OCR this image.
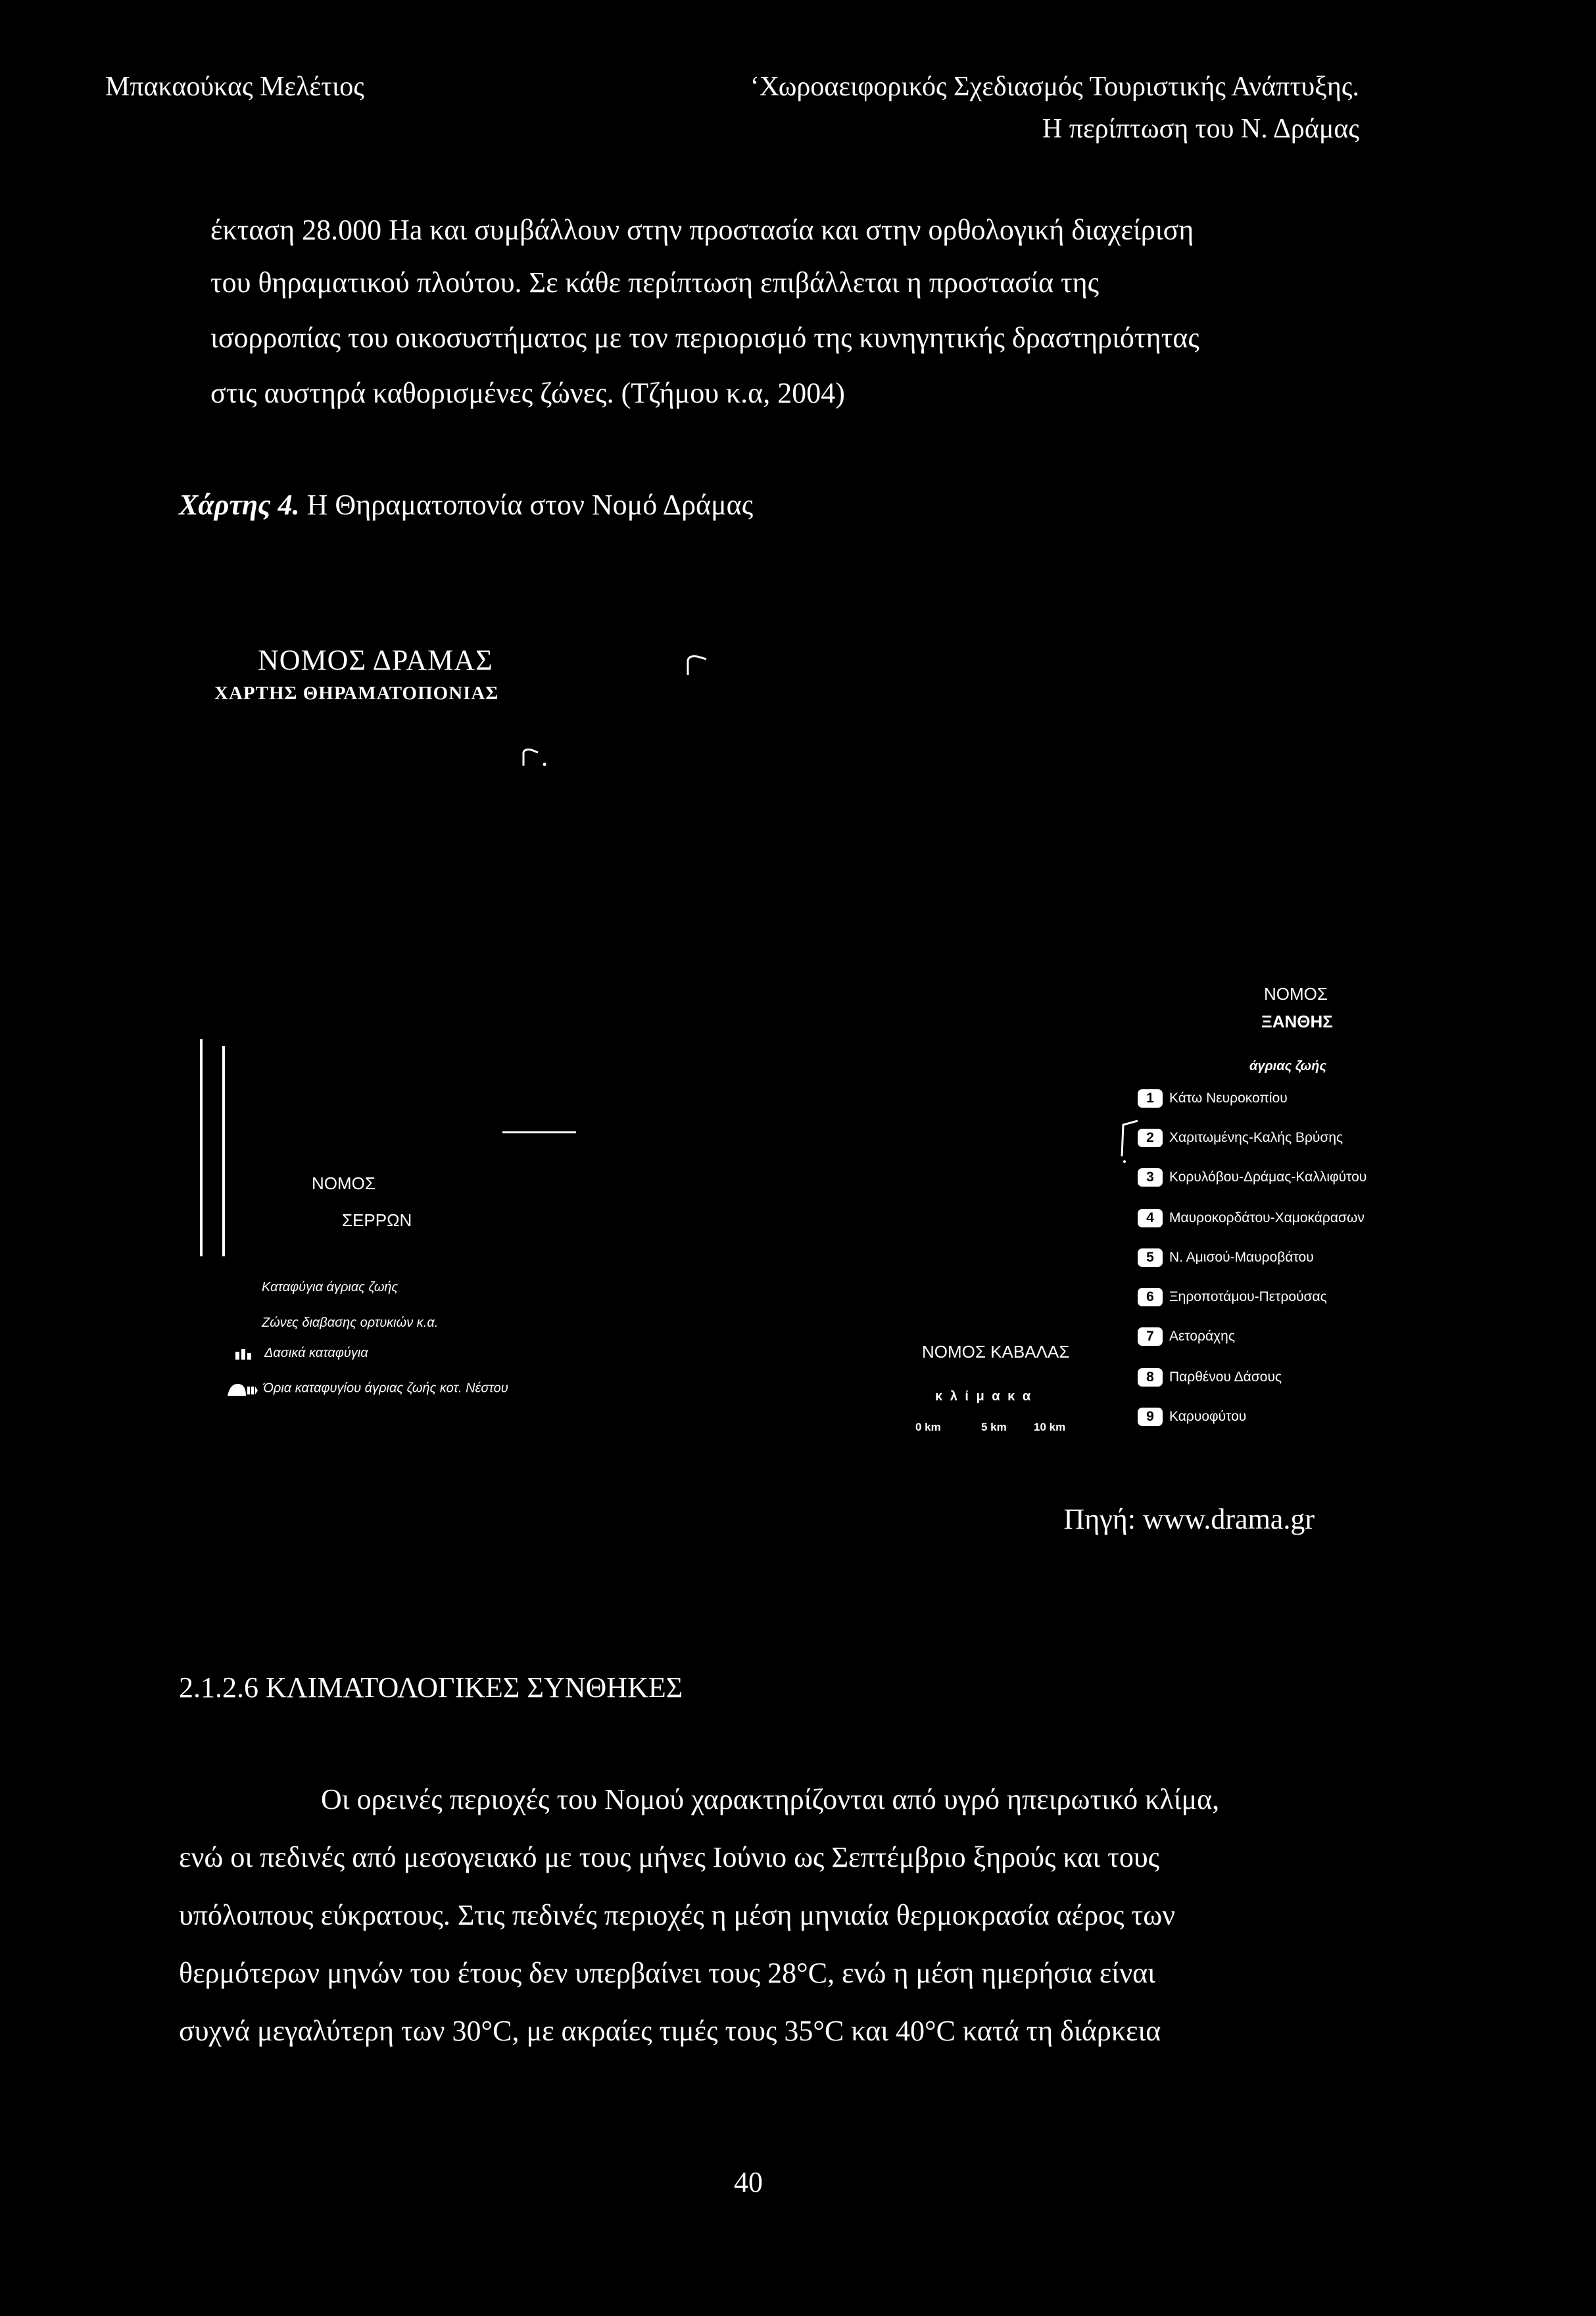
Μπακαούκας Μελέτιος	‘Χωροαειφορικός Σχεδιασμός Τουριστικής Ανάπτυξης.
Η περίπτωση του Ν. Δράμας
έκταση 28.000 Ha και συμβάλλουν στην προστασία και στην ορθολογική διαχείριση
του θηραματικού πλούτου. Σε κάθε περίπτωση επιβάλλεται η προστασία της
ισορροπίας του οικοσυστήματος με τον περιορισμό της κυνηγητικής δραστηριότητας
στις αυστηρά καθορισμένες ζώνες. (Τζήμου κ.α, 2004)
Χάρτης 4. Η Θηραματοπονία στον Νομό Δράμας
ΝΟΜΟΣ ΔΡΑΜΑΣ
ΧΑΡΤΗΣ ΘΗΡΑΜΑΤΟΠΟΝΙΑΣ
ΝΟΜΟΣ
ΞΑΝΘΗΣ
ΝΟΜΟΣ
ΣΕΡΡΩΝ
ΝΟΜΟΣ ΚΑΒΑΛΑΣ
κ λ ί μ α κ α
0 km	5 km 10 km
Καταφύγια άγριας ζωής
Ζώνες διαβασης ορτυκιών κ.α.
Δασικά καταφύγια
Όρια καταφυγίου άγριας ζωής κοτ. Νέστου
άγριας ζωής
1 Κάτω Νευροκοπίου
2 Χαριτωμένης-Καλής Βρύσης
3 Κορυλόβου-Δράμας-Καλλιφύτου
4 Μαυροκορδάτου-Χαμοκάρασων
5 Ν. Αμισού-Μαυροβάτου
6 Ξηροποτάμου-Πετρούσας
7 Αετοράχης
8 Παρθένου Δάσους
9 Καρυοφύτου
Πηγή: www.drama.gr
2.1.2.6 ΚΛΙΜΑΤΟΛΟΓΙΚΕΣ ΣΥΝΘΗΚΕΣ
Οι ορεινές περιοχές του Νομού χαρακτηρίζονται από υγρό ηπειρωτικό κλίμα,
ενώ οι πεδινές από μεσογειακό με τους μήνες Ιούνιο ως Σεπτέμβριο ξηρούς και τους
υπόλοιπους εύκρατους. Στις πεδινές περιοχές η μέση μηνιαία θερμοκρασία αέρος των
θερμότερων μηνών του έτους δεν υπερβαίνει τους 28°C, ενώ η μέση ημερήσια είναι
συχνά μεγαλύτερη των 30°C, με ακραίες τιμές τους 35°C και 40°C κατά τη διάρκεια
40
